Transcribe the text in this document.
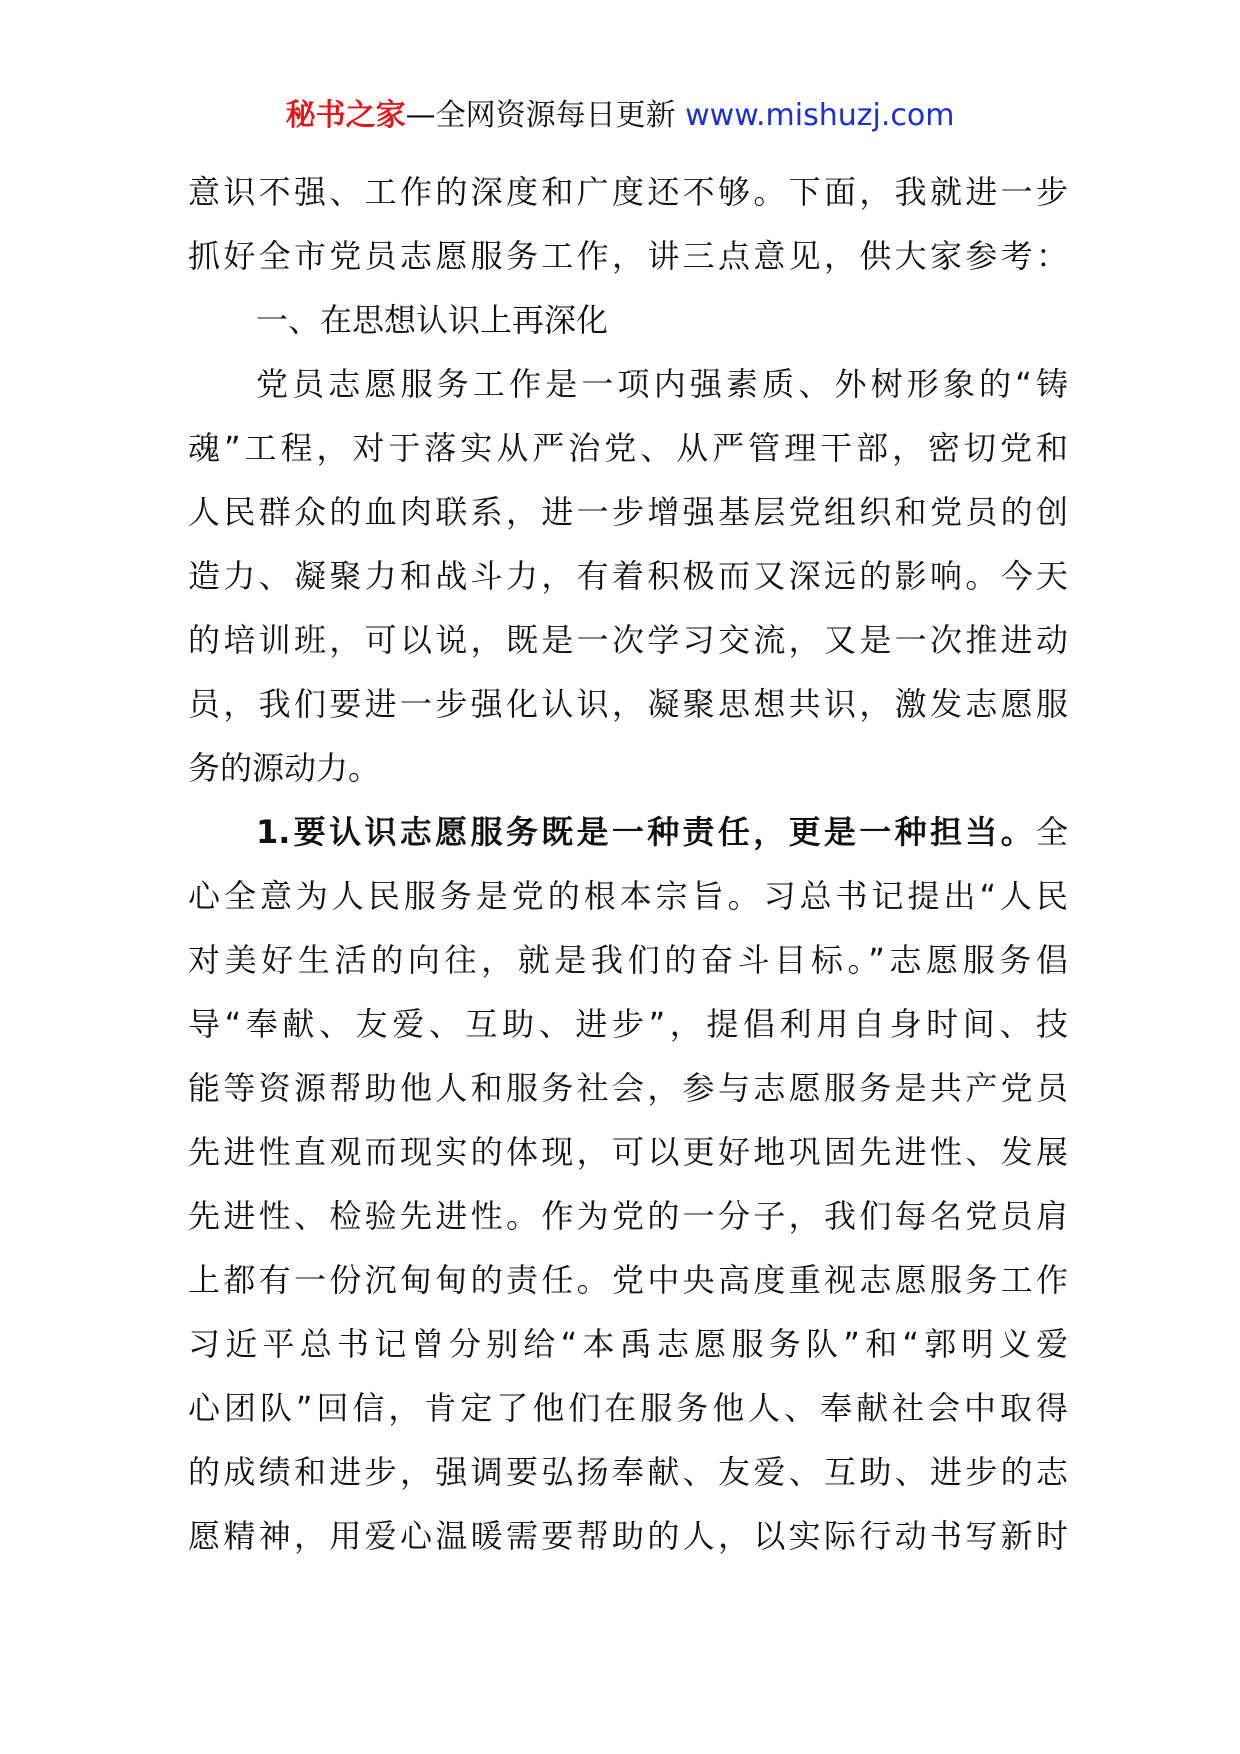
秘书之家—全网资源每日更新 www.mishuzj.com
意识不强、工作的深度和广度还不够。下面，我就进一步
抓好全市党员志愿服务工作，讲三点意见，供大家参考：
一、在思想认识上再深化
党员志愿服务工作是一项内强素质、外树形象的“铸
魂”工程，对于落实从严治党、从严管理干部，密切党和
人民群众的血肉联系，进一步增强基层党组织和党员的创
造力、凝聚力和战斗力，有着积极而又深远的影响。今天
的培训班，可以说，既是一次学习交流，又是一次推进动
员，我们要进一步强化认识，凝聚思想共识，激发志愿服
务的源动力。
1.要认识志愿服务既是一种责任，更是一种担当。全
心全意为人民服务是党的根本宗旨。习总书记提出“人民
对美好生活的向往，就是我们的奋斗目标。”志愿服务倡
导“奉献、友爱、互助、进步”，提倡利用自身时间、技
能等资源帮助他人和服务社会，参与志愿服务是共产党员
先进性直观而现实的体现，可以更好地巩固先进性、发展
先进性、检验先进性。作为党的一分子，我们每名党员肩
上都有一份沉甸甸的责任。党中央高度重视志愿服务工作
习近平总书记曾分别给“本禹志愿服务队”和“郭明义爱
心团队”回信，肯定了他们在服务他人、奉献社会中取得
的成绩和进步，强调要弘扬奉献、友爱、互助、进步的志
愿精神，用爱心温暖需要帮助的人，以实际行动书写新时
